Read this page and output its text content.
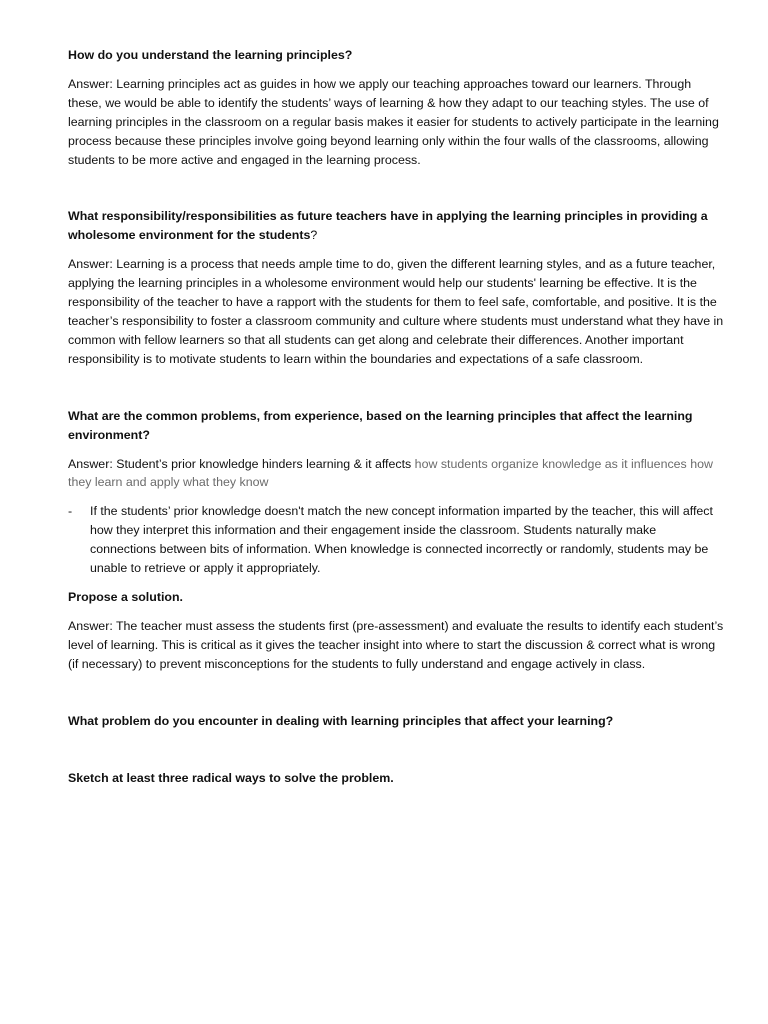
How do you understand the learning principles?

Answer: Learning principles act as guides in how we apply our teaching approaches toward our learners. Through these, we would be able to identify the students’ ways of learning & how they adapt to our teaching styles. The use of learning principles in the classroom on a regular basis makes it easier for students to actively participate in the learning process because these principles involve going beyond learning only within the four walls of the classrooms, allowing students to be more active and engaged in the learning process.

What responsibility/responsibilities as future teachers have in applying the learning principles in providing a wholesome environment for the students?

Answer: Learning is a process that needs ample time to do, given the different learning styles, and as a future teacher, applying the learning principles in a wholesome environment would help our students' learning be effective. It is the responsibility of the teacher to have a rapport with the students for them to feel safe, comfortable, and positive. It is the teacher’s responsibility to foster a classroom community and culture where students must understand what they have in common with fellow learners so that all students can get along and celebrate their differences. Another important responsibility is to motivate students to learn within the boundaries and expectations of a safe classroom.

What are the common problems, from experience, based on the learning principles that affect the learning environment?

Answer: Student’s prior knowledge hinders learning & it affects how students organize knowledge as it influences how they learn and apply what they know

-	If the students’ prior knowledge doesn't match the new concept information imparted by the teacher, this will affect how they interpret this information and their engagement inside the classroom. Students naturally make connections between bits of information. When knowledge is connected incorrectly or randomly, students may be unable to retrieve or apply it appropriately.

Propose a solution.

Answer: The teacher must assess the students first (pre-assessment) and evaluate the results to identify each student’s level of learning. This is critical as it gives the teacher insight into where to start the discussion & correct what is wrong (if necessary) to prevent misconceptions for the students to fully understand and engage actively in class.

What problem do you encounter in dealing with learning principles that affect your learning?

Sketch at least three radical ways to solve the problem.
